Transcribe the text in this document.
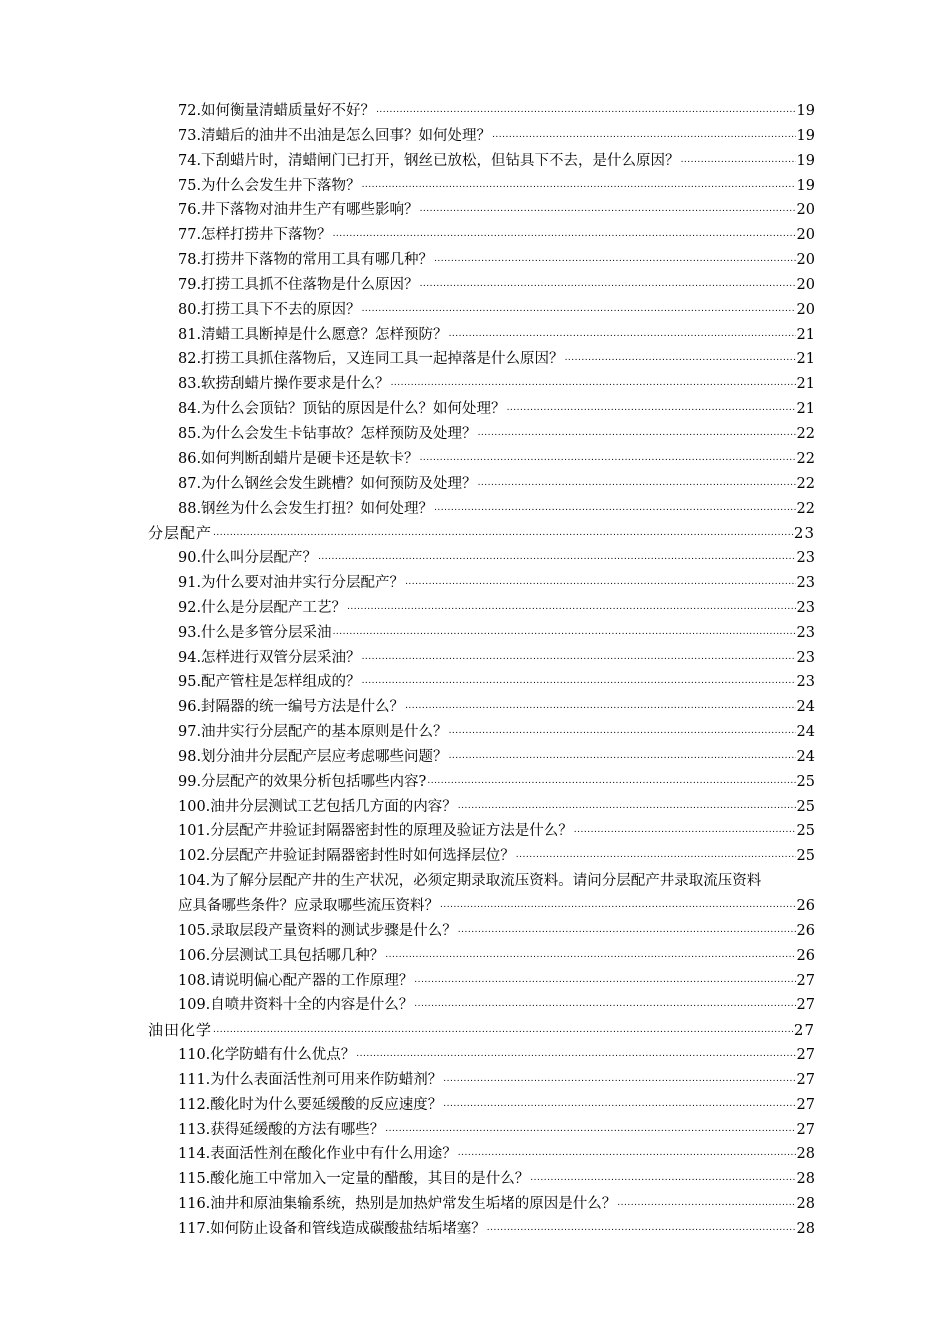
72.如何衡量清蜡质量好不好？ .....	19
73.清蜡后的油井不出油是怎么回事？如何处理？ .....	19
74.下刮蜡片时，清蜡闸门已打开，钢丝已放松，但钻具下不去，是什么原因？ .....	19
75.为什么会发生井下落物？ .....	19
76.井下落物对油井生产有哪些影响？ .....	20
77.怎样打捞井下落物？ .....	20
78.打捞井下落物的常用工具有哪几种？ .....	20
79.打捞工具抓不住落物是什么原因？ .....	20
80.打捞工具下不去的原因？ .....	20
81.清蜡工具断掉是什么愿意？怎样预防？ .....	21
82.打捞工具抓住落物后，又连同工具一起掉落是什么原因？ .....	21
83.软捞刮蜡片操作要求是什么？ .....	21
84.为什么会顶钻？顶钻的原因是什么？如何处理？ .....	21
85.为什么会发生卡钻事故？怎样预防及处理？ .....	22
86.如何判断刮蜡片是硬卡还是软卡？ .....	22
87.为什么钢丝会发生跳槽？如何预防及处理？ .....	22
88.钢丝为什么会发生打扭？如何处理？ .....	22
分层配产 .....	23
90.什么叫分层配产？ .....	23
91.为什么要对油井实行分层配产？ .....	23
92.什么是分层配产工艺？ .....	23
93.什么是多管分层采油 .....	23
94.怎样进行双管分层采油？ .....	23
95.配产管柱是怎样组成的？ .....	23
96.封隔器的统一编号方法是什么？ .....	24
97.油井实行分层配产的基本原则是什么？ .....	24
98.划分油井分层配产层应考虑哪些问题？ .....	24
99.分层配产的效果分析包括哪些内容? .....	25
100.油井分层测试工艺包括几方面的内容？ .....	25
101.分层配产井验证封隔器密封性的原理及验证方法是什么？ .....	25
102.分层配产井验证封隔器密封性时如何选择层位？ .....	25
104.为了解分层配产井的生产状况，必须定期录取流压资料。请问分层配产井录取流压资料
应具备哪些条件？应录取哪些流压资料？ .....	26
105.录取层段产量资料的测试步骤是什么？ .....	26
106.分层测试工具包括哪几种？ .....	26
108.请说明偏心配产器的工作原理？ .....	27
109.自喷井资料十全的内容是什么？ .....	27
油田化学 .....	27
110.化学防蜡有什么优点？ .....	27
111.为什么表面活性剂可用来作防蜡剂？ .....	27
112.酸化时为什么要延缓酸的反应速度？ .....	27
113.获得延缓酸的方法有哪些？ .....	27
114.表面活性剂在酸化作业中有什么用途？ .....	28
115.酸化施工中常加入一定量的醋酸，其目的是什么？ .....	28
116.油井和原油集输系统，热别是加热炉常发生垢堵的原因是什么？ .....	28
117.如何防止设备和管线造成碳酸盐结垢堵塞？ .....	28
